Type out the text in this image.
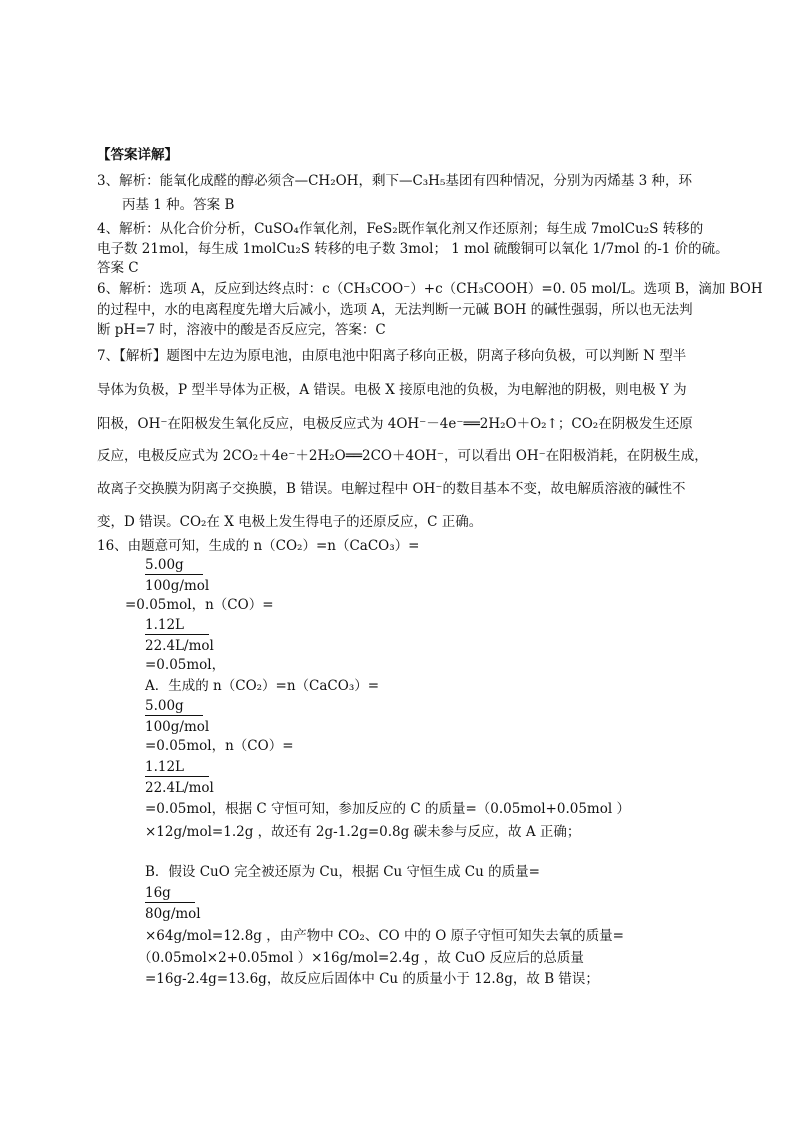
【答案详解】
3、解析：能氧化成醛的醇必须含—CH₂OH，剩下—C₃H₅基团有四种情况，分别为丙烯基 3 种，环
丙基 1 种。答案 B
4、解析：从化合价分析，CuSO₄作氧化剂，FeS₂既作氧化剂又作还原剂；每生成 7molCu₂S 转移的
电子数 21mol，每生成 1molCu₂S 转移的电子数 3mol； 1 mol 硫酸铜可以氧化 1/7mol 的-1 价的硫。
答案 C
6、解析：选项 A，反应到达终点时：c（CH₃COO⁻）+c（CH₃COOH）=0. 05 mol/L。选项 B，滴加 BOH
的过程中，水的电离程度先增大后减小，选项 A，无法判断一元碱 BOH 的碱性强弱，所以也无法判
断 pH=7 时，溶液中的酸是否反应完，答案：C
7、【解析】题图中左边为原电池，由原电池中阳离子移向正极，阴离子移向负极，可以判断 N 型半
导体为负极，P 型半导体为正极，A 错误。电极 X 接原电池的负极，为电解池的阴极，则电极 Y 为
阳极，OH⁻在阳极发生氧化反应，电极反应式为 4OH⁻－4e⁻══2H₂O＋O₂↑；CO₂在阴极发生还原
反应，电极反应式为 2CO₂＋4e⁻＋2H₂O══2CO＋4OH⁻，可以看出 OH⁻在阳极消耗，在阴极生成，
故离子交换膜为阴离子交换膜，B 错误。电解过程中 OH⁻的数目基本不变，故电解质溶液的碱性不
变，D 错误。CO₂在 X 电极上发生得电子的还原反应，C 正确。
16、由题意可知，生成的 n（CO₂）=n（CaCO₃）=
5.00g
100g/mol
=0.05mol，n（CO）=
1.12L
22.4L/mol
=0.05mol，
A．生成的 n（CO₂）=n（CaCO₃）=
5.00g
100g/mol
=0.05mol，n（CO）=
1.12L
22.4L/mol
=0.05mol，根据 C 守恒可知，参加反应的 C 的质量=（0.05mol+0.05mol ）
×12g/mol=1.2g ，故还有 2g-1.2g=0.8g 碳未参与反应，故 A 正确；
B．假设 CuO 完全被还原为 Cu，根据 Cu 守恒生成 Cu 的质量=
16g
80g/mol
×64g/mol=12.8g ，由产物中 CO₂、CO 中的 O 原子守恒可知失去氧的质量=
（0.05mol×2+0.05mol ）×16g/mol=2.4g ，故 CuO 反应后的总质量
=16g-2.4g=13.6g，故反应后固体中 Cu 的质量小于 12.8g，故 B 错误；
